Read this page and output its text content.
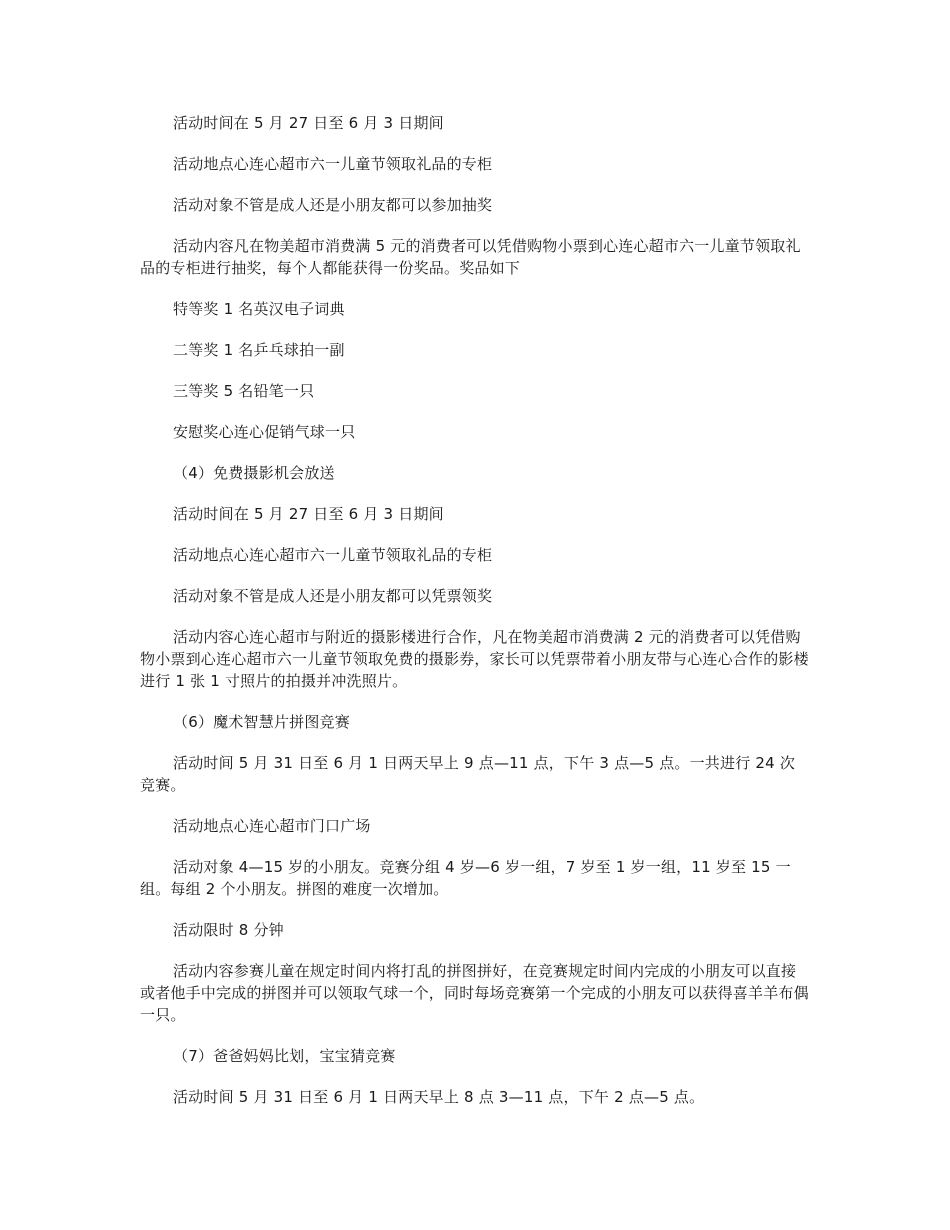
活动时间在 5 月 27 日至 6 月 3 日期间

活动地点心连心超市六一儿童节领取礼品的专柜

活动对象不管是成人还是小朋友都可以参加抽奖

活动内容凡在物美超市消费满 5 元的消费者可以凭借购物小票到心连心超市六一儿童节领取礼品的专柜进行抽奖，每个人都能获得一份奖品。奖品如下

特等奖 1 名英汉电子词典

二等奖 1 名乒乓球拍一副

三等奖 5 名铅笔一只

安慰奖心连心促销气球一只

（4）免费摄影机会放送

活动时间在 5 月 27 日至 6 月 3 日期间

活动地点心连心超市六一儿童节领取礼品的专柜

活动对象不管是成人还是小朋友都可以凭票领奖

活动内容心连心超市与附近的摄影楼进行合作，凡在物美超市消费满 2 元的消费者可以凭借购物小票到心连心超市六一儿童节领取免费的摄影券，家长可以凭票带着小朋友带与心连心合作的影楼进行 1 张 1 寸照片的拍摄并冲洗照片。

（6）魔术智慧片拼图竞赛

活动时间 5 月 31 日至 6 月 1 日两天早上 9 点—11 点，下午 3 点—5 点。一共进行 24 次竞赛。

活动地点心连心超市门口广场

活动对象 4—15 岁的小朋友。竞赛分组 4 岁—6 岁一组，7 岁至 1 岁一组，11 岁至 15 一组。每组 2 个小朋友。拼图的难度一次增加。

活动限时 8 分钟

活动内容参赛儿童在规定时间内将打乱的拼图拼好，在竞赛规定时间内完成的小朋友可以直接或者他手中完成的拼图并可以领取气球一个，同时每场竞赛第一个完成的小朋友可以获得喜羊羊布偶一只。

（7）爸爸妈妈比划，宝宝猜竞赛

活动时间 5 月 31 日至 6 月 1 日两天早上 8 点 3—11 点，下午 2 点—5 点。
